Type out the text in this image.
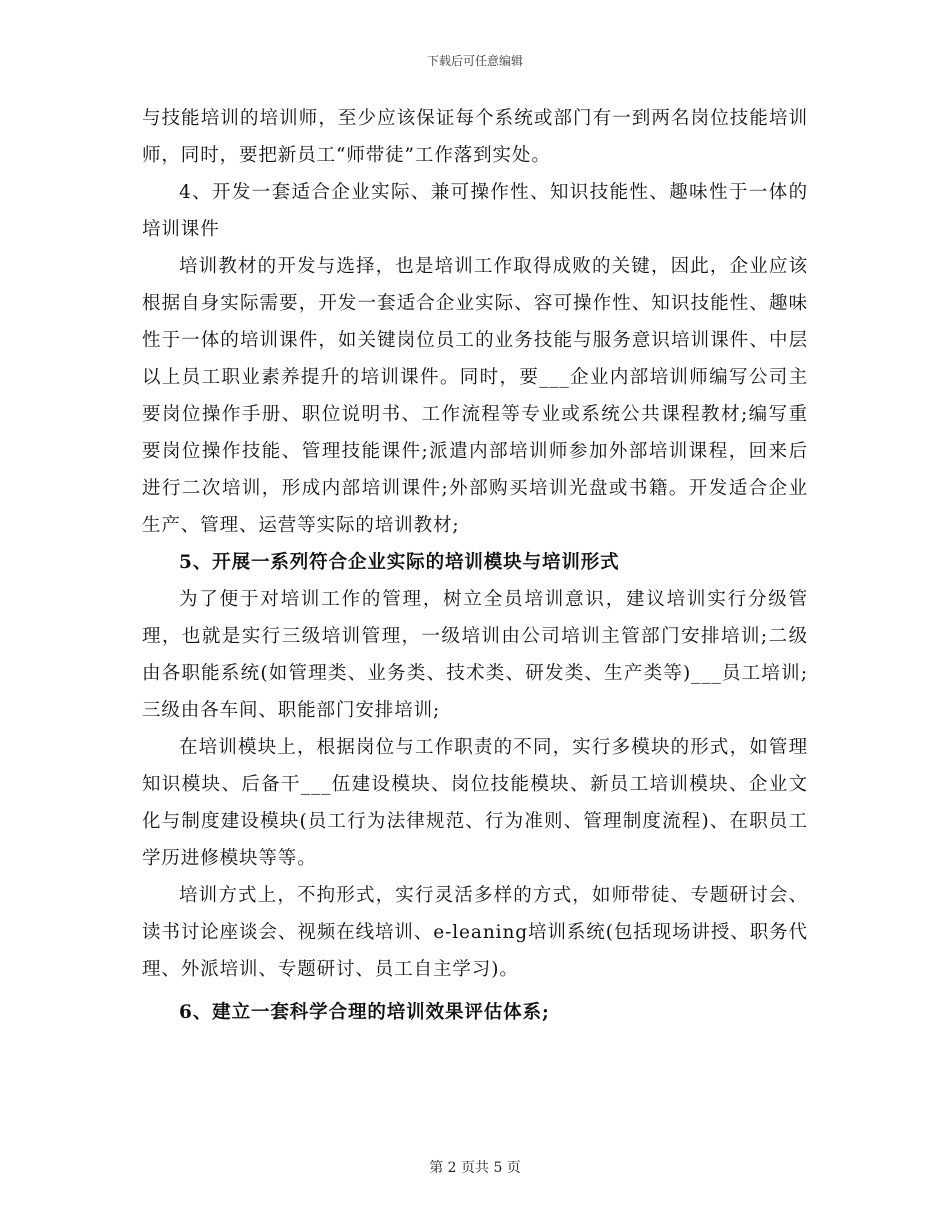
下载后可任意编辑

与技能培训的培训师，至少应该保证每个系统或部门有一到两名岗位技能培训师，同时，要把新员工“师带徒”工作落到实处。

4、开发一套适合企业实际、兼可操作性、知识技能性、趣味性于一体的培训课件

培训教材的开发与选择，也是培训工作取得成败的关键，因此，企业应该根据自身实际需要，开发一套适合企业实际、容可操作性、知识技能性、趣味性于一体的培训课件，如关键岗位员工的业务技能与服务意识培训课件、中层以上员工职业素养提升的培训课件。同时，要___企业内部培训师编写公司主要岗位操作手册、职位说明书、工作流程等专业或系统公共课程教材;编写重要岗位操作技能、管理技能课件;派遣内部培训师参加外部培训课程，回来后进行二次培训，形成内部培训课件;外部购买培训光盘或书籍。开发适合企业生产、管理、运营等实际的培训教材;

5、开展一系列符合企业实际的培训模块与培训形式

为了便于对培训工作的管理，树立全员培训意识，建议培训实行分级管理，也就是实行三级培训管理，一级培训由公司培训主管部门安排培训;二级由各职能系统(如管理类、业务类、技术类、研发类、生产类等)___员工培训;三级由各车间、职能部门安排培训;

在培训模块上，根据岗位与工作职责的不同，实行多模块的形式，如管理知识模块、后备干___伍建设模块、岗位技能模块、新员工培训模块、企业文化与制度建设模块(员工行为法律规范、行为准则、管理制度流程)、在职员工学历进修模块等等。

培训方式上，不拘形式，实行灵活多样的方式，如师带徒、专题研讨会、读书讨论座谈会、视频在线培训、e-leaning培训系统(包括现场讲授、职务代理、外派培训、专题研讨、员工自主学习)。

6、建立一套科学合理的培训效果评估体系;

第 2 页共 5 页
